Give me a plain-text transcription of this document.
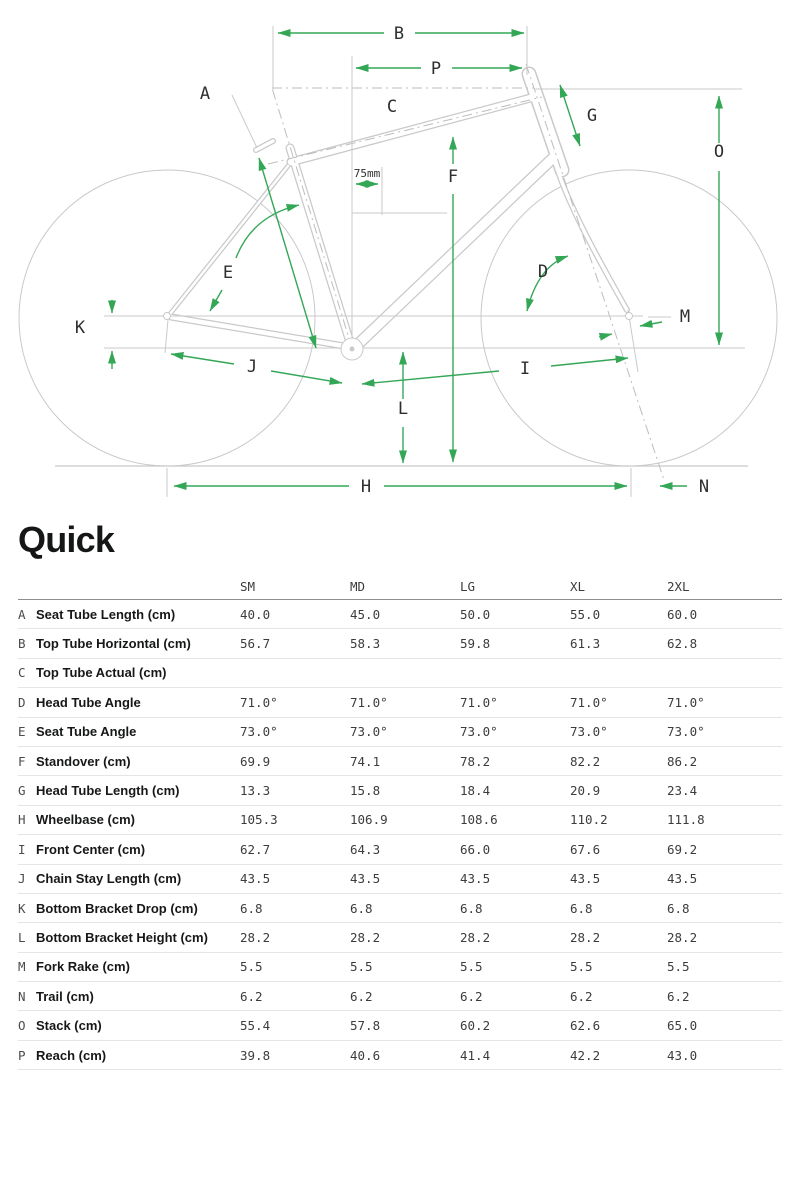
B
P
75mm
A
C	G
F
O
L
K
E	D
J	I
H
M
N
Quick
SM	MD	LG	XL	2XL
A Seat Tube Length (cm)	40.0	45.0	50.0	55.0	60.0
B Top Tube Horizontal (cm)	56.7	58.3	59.8	61.3	62.8
C Top Tube Actual (cm)
D Head Tube Angle	71.0°	71.0°	71.0°	71.0°	71.0°
E Seat Tube Angle	73.0°	73.0°	73.0°	73.0°	73.0°
F Standover (cm)	69.9	74.1	78.2	82.2	86.2
G Head Tube Length (cm)	13.3	15.8	18.4	20.9	23.4
H Wheelbase (cm)	105.3	106.9	108.6	110.2	111.8
I Front Center (cm)	62.7	64.3	66.0	67.6	69.2
J Chain Stay Length (cm)	43.5	43.5	43.5	43.5	43.5
K Bottom Bracket Drop (cm)	6.8	6.8	6.8	6.8	6.8
L Bottom Bracket Height (cm)	28.2	28.2	28.2	28.2	28.2
M Fork Rake (cm)	5.5	5.5	5.5	5.5	5.5
N Trail (cm)	6.2	6.2	6.2	6.2	6.2
O Stack (cm)	55.4	57.8	60.2	62.6	65.0
P Reach (cm)	39.8	40.6	41.4	42.2	43.0
